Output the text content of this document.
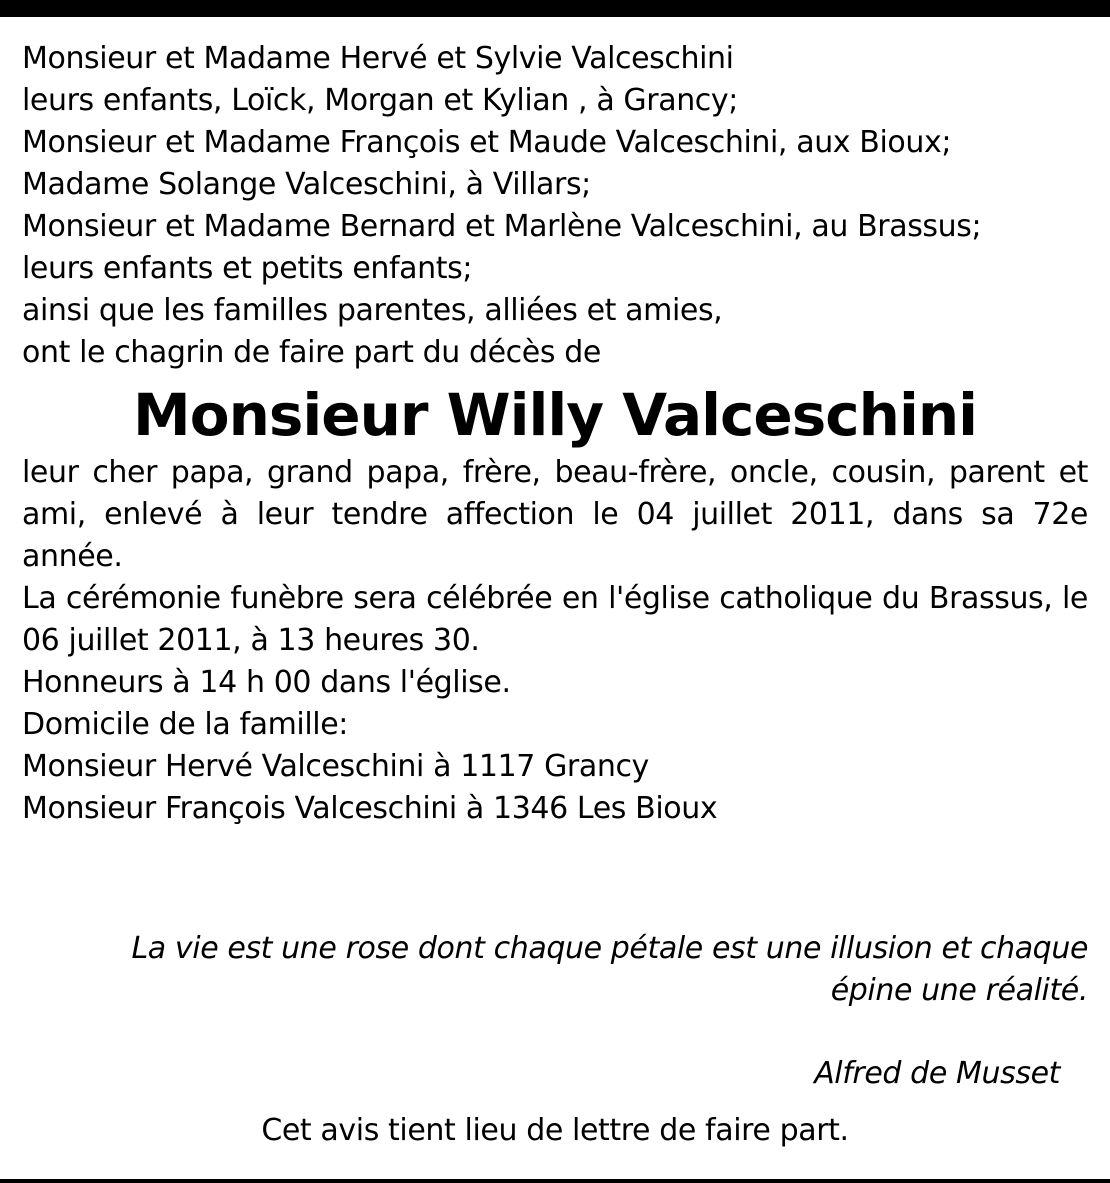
Monsieur et Madame Hervé et Sylvie Valceschini
leurs enfants, Loïck, Morgan et Kylian , à Grancy;
Monsieur et Madame François et Maude Valceschini, aux Bioux;
Madame Solange Valceschini, à Villars;
Monsieur et Madame Bernard et Marlène Valceschini, au Brassus;
leurs enfants et petits enfants;
ainsi que les familles parentes, alliées et amies,
ont le chagrin de faire part du décès de
Monsieur Willy Valceschini
leur cher papa, grand papa, frère, beau-frère, oncle, cousin, parent et
ami, enlevé à leur tendre affection le 04 juillet 2011, dans sa 72e
année.
La cérémonie funèbre sera célébrée en l'église catholique du Brassus, le
06 juillet 2011, à 13 heures 30.
Honneurs à 14 h 00 dans l'église.
Domicile de la famille:
Monsieur Hervé Valceschini à 1117 Grancy
Monsieur François Valceschini à 1346 Les Bioux
La vie est une rose dont chaque pétale est une illusion et chaque
épine une réalité.
Alfred de Musset
Cet avis tient lieu de lettre de faire part.
